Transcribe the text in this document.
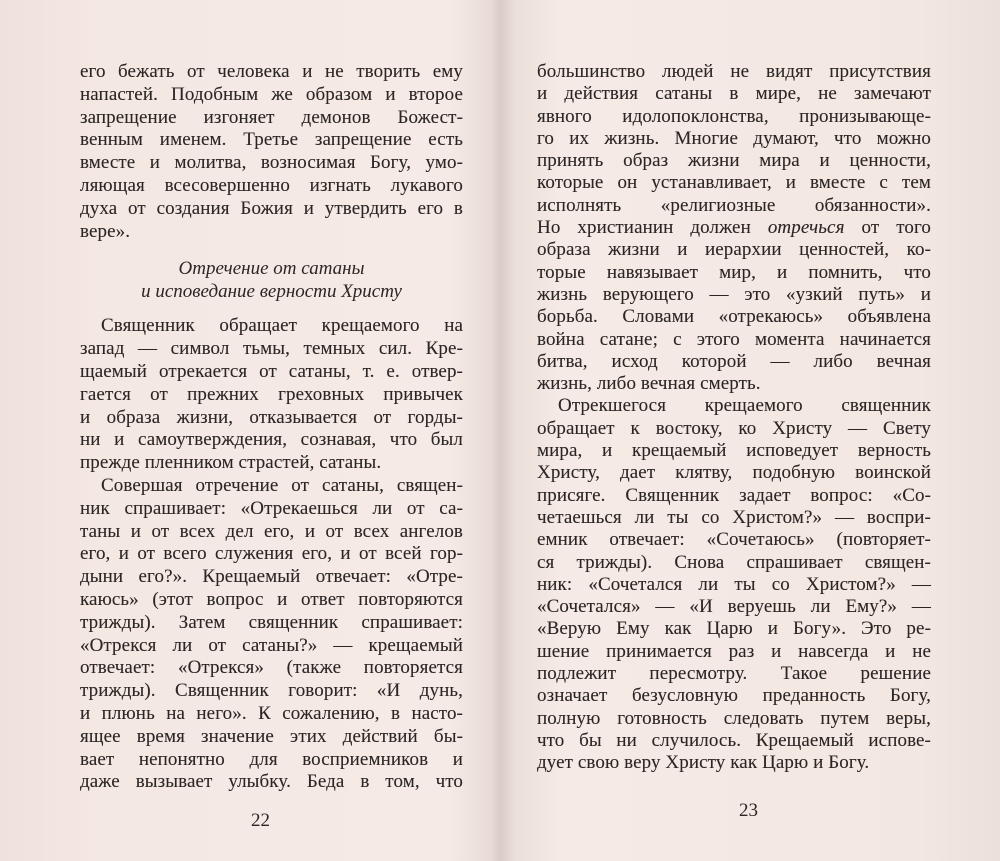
его бежать от человека и не творить ему
напастей. Подобным же образом и второе
запрещение изгоняет демонов Божест-
венным именем. Третье запрещение есть
вместе и молитва, возносимая Богу, умо-
ляющая всесовершенно изгнать лукавого
духа от создания Божия и утвердить его в
вере».
Отречение от сатаны
и исповедание верности Христу
Священник обращает крещаемого на
запад — символ тьмы, темных сил. Кре-
щаемый отрекается от сатаны, т. е. отвер-
гается от прежних греховных привычек
и образа жизни, отказывается от горды-
ни и самоутверждения, сознавая, что был
прежде пленником страстей, сатаны.
Совершая отречение от сатаны, священ-
ник спрашивает: «Отрекаешься ли от са-
таны и от всех дел его, и от всех ангелов
его, и от всего служения его, и от всей гор-
дыни его?». Крещаемый отвечает: «Отре-
каюсь» (этот вопрос и ответ повторяются
трижды). Затем священник спрашивает:
«Отрекся ли от сатаны?» — крещаемый
отвечает: «Отрекся» (также повторяется
трижды). Священник говорит: «И дунь,
и плюнь на него». К сожалению, в насто-
ящее время значение этих действий бы-
вает непонятно для восприемников и
даже вызывает улыбку. Беда в том, что
большинство людей не видят присутствия
и действия сатаны в мире, не замечают
явного идолопоклонства, пронизывающе-
го их жизнь. Многие думают, что можно
принять образ жизни мира и ценности,
которые он устанавливает, и вместе с тем
исполнять «религиозные обязанности».
Но христианин должен отречься от того
образа жизни и иерархии ценностей, ко-
торые навязывает мир, и помнить, что
жизнь верующего — это «узкий путь» и
борьба. Словами «отрекаюсь» объявлена
война сатане; с этого момента начинается
битва, исход которой — либо вечная
жизнь, либо вечная смерть.
Отрекшегося крещаемого священник
обращает к востоку, ко Христу — Свету
мира, и крещаемый исповедует верность
Христу, дает клятву, подобную воинской
присяге. Священник задает вопрос: «Со-
четаешься ли ты со Христом?» — воспри-
емник отвечает: «Сочетаюсь» (повторяет-
ся трижды). Снова спрашивает священ-
ник: «Сочетался ли ты со Христом?» —
«Сочетался» — «И веруешь ли Ему?» —
«Верую Ему как Царю и Богу». Это ре-
шение принимается раз и навсегда и не
подлежит пересмотру. Такое решение
означает безусловную преданность Богу,
полную готовность следовать путем веры,
что бы ни случилось. Крещаемый испове-
дует свою веру Христу как Царю и Богу.
22	23
